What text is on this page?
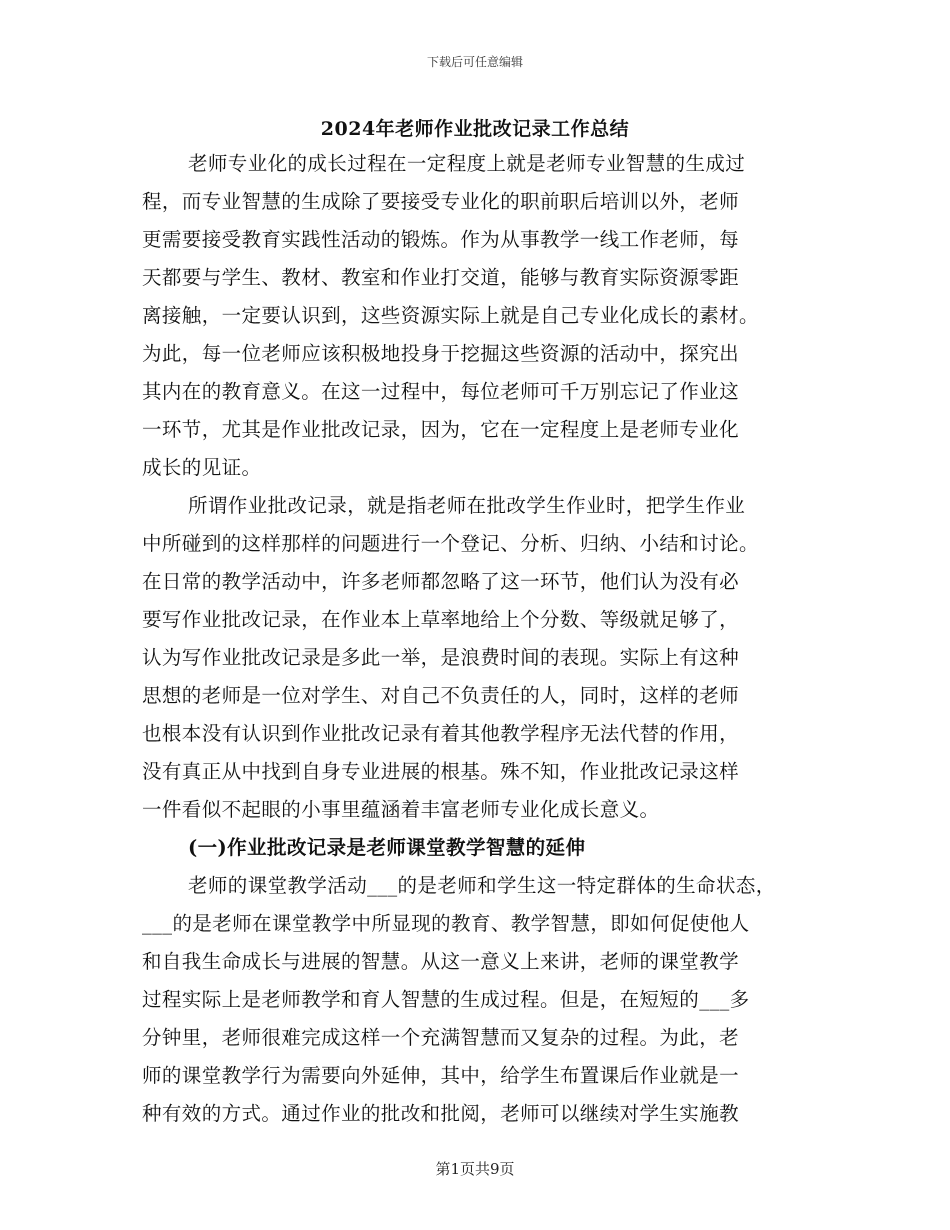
下载后可任意编辑
2024年老师作业批改记录工作总结
老师专业化的成长过程在一定程度上就是老师专业智慧的生成过
程，而专业智慧的生成除了要接受专业化的职前职后培训以外，老师
更需要接受教育实践性活动的锻炼。作为从事教学一线工作老师，每
天都要与学生、教材、教室和作业打交道，能够与教育实际资源零距
离接触，一定要认识到，这些资源实际上就是自己专业化成长的素材。
为此，每一位老师应该积极地投身于挖掘这些资源的活动中，探究出
其内在的教育意义。在这一过程中，每位老师可千万别忘记了作业这
一环节，尤其是作业批改记录，因为，它在一定程度上是老师专业化
成长的见证。
所谓作业批改记录，就是指老师在批改学生作业时，把学生作业
中所碰到的这样那样的问题进行一个登记、分析、归纳、小结和讨论。
在日常的教学活动中，许多老师都忽略了这一环节，他们认为没有必
要写作业批改记录，在作业本上草率地给上个分数、等级就足够了，
认为写作业批改记录是多此一举，是浪费时间的表现。实际上有这种
思想的老师是一位对学生、对自己不负责任的人，同时，这样的老师
也根本没有认识到作业批改记录有着其他教学程序无法代替的作用，
没有真正从中找到自身专业进展的根基。殊不知，作业批改记录这样
一件看似不起眼的小事里蕴涵着丰富老师专业化成长意义。
(一)作业批改记录是老师课堂教学智慧的延伸
老师的课堂教学活动___的是老师和学生这一特定群体的生命状态，
___的是老师在课堂教学中所显现的教育、教学智慧，即如何促使他人
和自我生命成长与进展的智慧。从这一意义上来讲，老师的课堂教学
过程实际上是老师教学和育人智慧的生成过程。但是，在短短的___多
分钟里，老师很难完成这样一个充满智慧而又复杂的过程。为此，老
师的课堂教学行为需要向外延伸，其中，给学生布置课后作业就是一
种有效的方式。通过作业的批改和批阅，老师可以继续对学生实施教
第1页共9页
